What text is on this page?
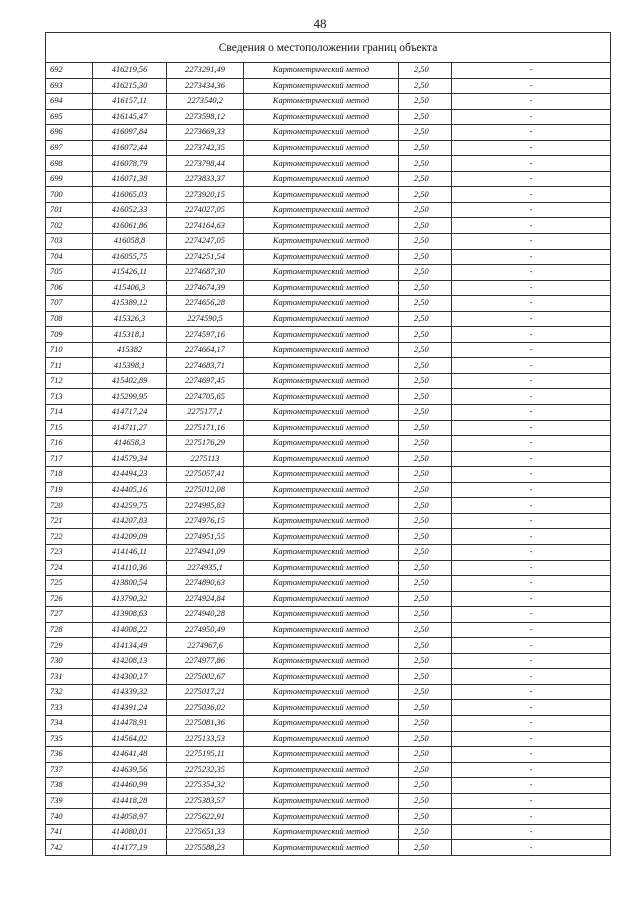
48
Сведения о местоположении границ объекта					
692	416219,56	2273291,49	Картометрический метод	2,50	-
693	416215,30	2273434,36	Картометрический метод	2,50	-
694	416157,11	2273540,2	Картометрический метод	2,50	-
695	416145,47	2273598,12	Картометрический метод	2,50	-
696	416097,84	2273669,33	Картометрический метод	2,50	-
697	416072,44	2273742,35	Картометрический метод	2,50	-
698	416078,79	2273798,44	Картометрический метод	2,50	-
699	416071,38	2273833,37	Картометрический метод	2,50	-
700	416065,03	2273920,15	Картометрический метод	2,50	-
701	416052,33	2274027,05	Картометрический метод	2,50	-
702	416061,86	2274164,63	Картометрический метод	2,50	-
703	416058,8	2274247,05	Картометрический метод	2,50	-
704	416055,75	2274251,54	Картометрический метод	2,50	-
705	415426,11	2274687,30	Картометрический метод	2,50	-
706	415406,3	2274674,39	Картометрический метод	2,50	-
707	415389,12	2274656,28	Картометрический метод	2,50	-
708	415326,3	2274590,5	Картометрический метод	2,50	-
709	415318,1	2274597,16	Картометрический метод	2,50	-
710	415382	2274664,17	Картометрический метод	2,50	-
711	415398,1	2274683,71	Картометрический метод	2,50	-
712	415402,89	2274697,45	Картометрический метод	2,50	-
713	415299,95	2274705,65	Картометрический метод	2,50	-
714	414717,24	2275177,1	Картометрический метод	2,50	-
715	414711,27	2275171,16	Картометрический метод	2,50	-
716	414658,3	2275176,29	Картометрический метод	2,50	-
717	414579,34	2275113	Картометрический метод	2,50	-
718	414494,23	2275057,41	Картометрический метод	2,50	-
719	414405,16	2275012,08	Картометрический метод	2,50	-
720	414259,75	2274995,83	Картометрический метод	2,50	-
721	414207,83	2274976,15	Картометрический метод	2,50	-
722	414209,09	2274951,55	Картометрический метод	2,50	-
723	414146,11	2274941,09	Картометрический метод	2,50	-
724	414110,36	2274935,1	Картометрический метод	2,50	-
725	413800,54	2274890,63	Картометрический метод	2,50	-
726	413790,32	2274924,84	Картометрический метод	2,50	-
727	413908,63	2274940,28	Картометрический метод	2,50	-
728	414008,22	2274950,49	Картометрический метод	2,50	-
729	414134,49	2274967,6	Картометрический метод	2,50	-
730	414208,13	2274977,86	Картометрический метод	2,50	-
731	414300,17	2275002,67	Картометрический метод	2,50	-
732	414339,32	2275017,21	Картометрический метод	2,50	-
733	414391,24	2275036,02	Картометрический метод	2,50	-
734	414478,91	2275081,36	Картометрический метод	2,50	-
735	414564,02	2275133,53	Картометрический метод	2,50	-
736	414641,48	2275195,11	Картометрический метод	2,50	-
737	414639,56	2275232,35	Картометрический метод	2,50	-
738	414460,99	2275354,32	Картометрический метод	2,50	-
739	414418,28	2275383,57	Картометрический метод	2,50	-
740	414058,97	2275622,91	Картометрический метод	2,50	-
741	414080,01	2275651,33	Картометрический метод	2,50	-
742	414177,19	2275588,23	Картометрический метод	2,50	-
